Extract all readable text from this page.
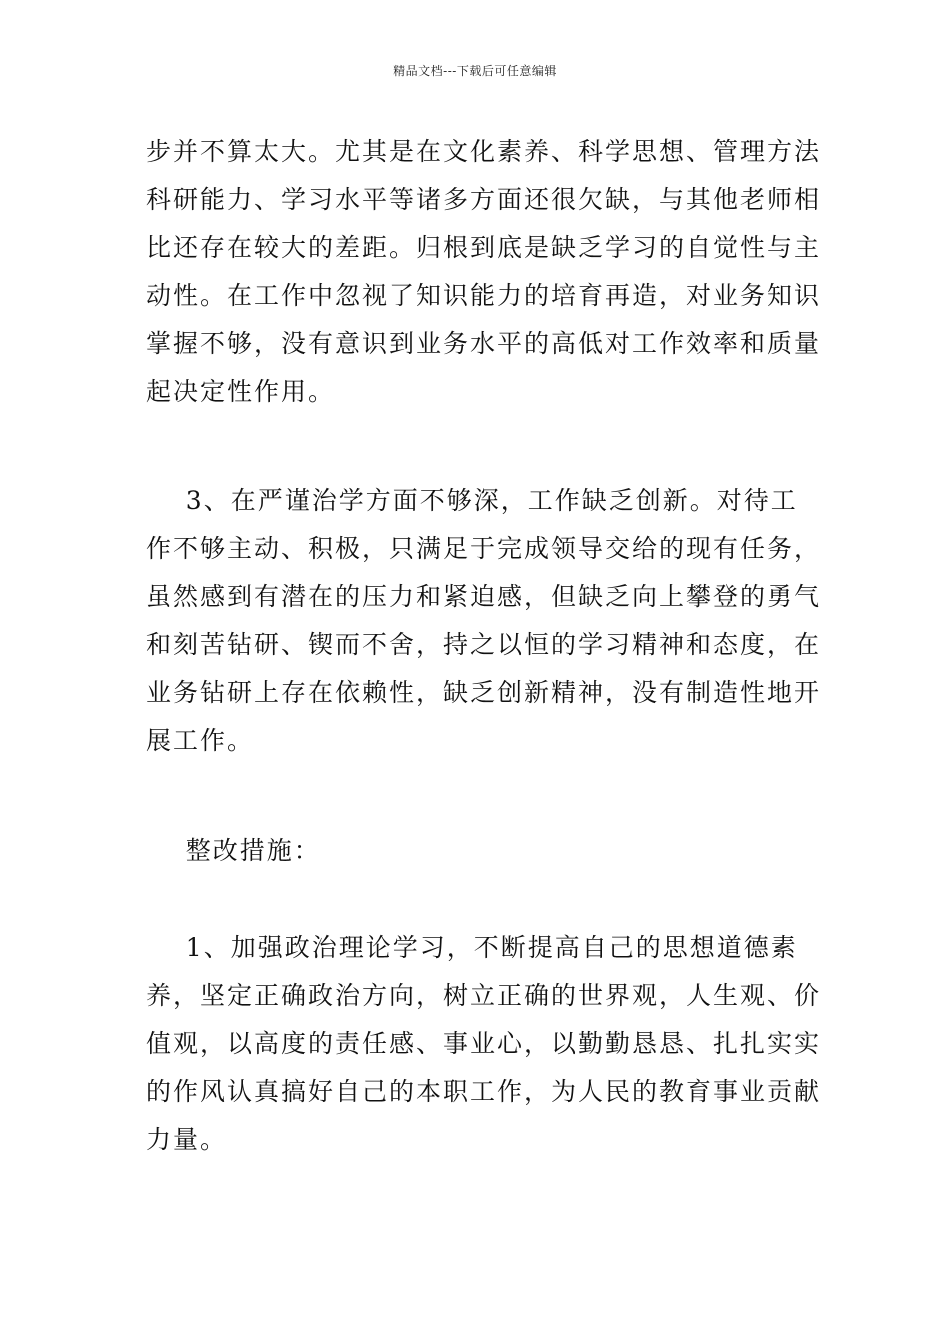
精品文档---下载后可任意编辑
步并不算太大。尤其是在文化素养、科学思想、管理方法
科研能力、学习水平等诸多方面还很欠缺，与其他老师相
比还存在较大的差距。归根到底是缺乏学习的自觉性与主
动性。在工作中忽视了知识能力的培育再造，对业务知识
掌握不够，没有意识到业务水平的高低对工作效率和质量
起决定性作用。
3、在严谨治学方面不够深，工作缺乏创新。对待工
作不够主动、积极，只满足于完成领导交给的现有任务，
虽然感到有潜在的压力和紧迫感，但缺乏向上攀登的勇气
和刻苦钻研、锲而不舍，持之以恒的学习精神和态度，在
业务钻研上存在依赖性，缺乏创新精神，没有制造性地开
展工作。
整改措施：
1、加强政治理论学习，不断提高自己的思想道德素
养，坚定正确政治方向，树立正确的世界观，人生观、价
值观，以高度的责任感、事业心，以勤勤恳恳、扎扎实实
的作风认真搞好自己的本职工作，为人民的教育事业贡献
力量。
